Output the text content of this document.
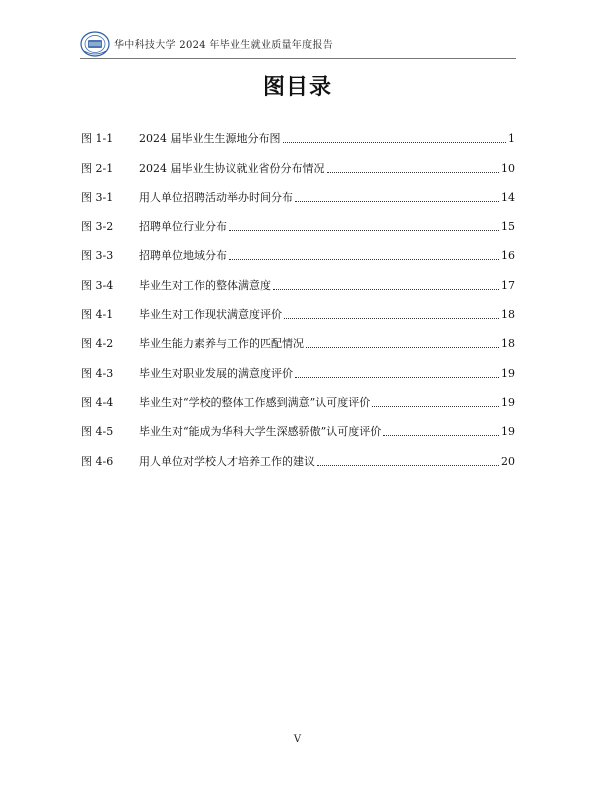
华中科技大学 2024 年毕业生就业质量年度报告
图目录
图 1-1	2024 届毕业生生源地分布图	1
图 2-1	2024 届毕业生协议就业省份分布情况	10
图 3-1	用人单位招聘活动举办时间分布	14
图 3-2	招聘单位行业分布	15
图 3-3	招聘单位地域分布	16
图 3-4	毕业生对工作的整体满意度	17
图 4-1	毕业生对工作现状满意度评价	18
图 4-2	毕业生能力素养与工作的匹配情况	18
图 4-3	毕业生对职业发展的满意度评价	19
图 4-4	毕业生对“学校的整体工作感到满意”认可度评价	19
图 4-5	毕业生对“能成为华科大学生深感骄傲”认可度评价	19
图 4-6	用人单位对学校人才培养工作的建议	20
V
